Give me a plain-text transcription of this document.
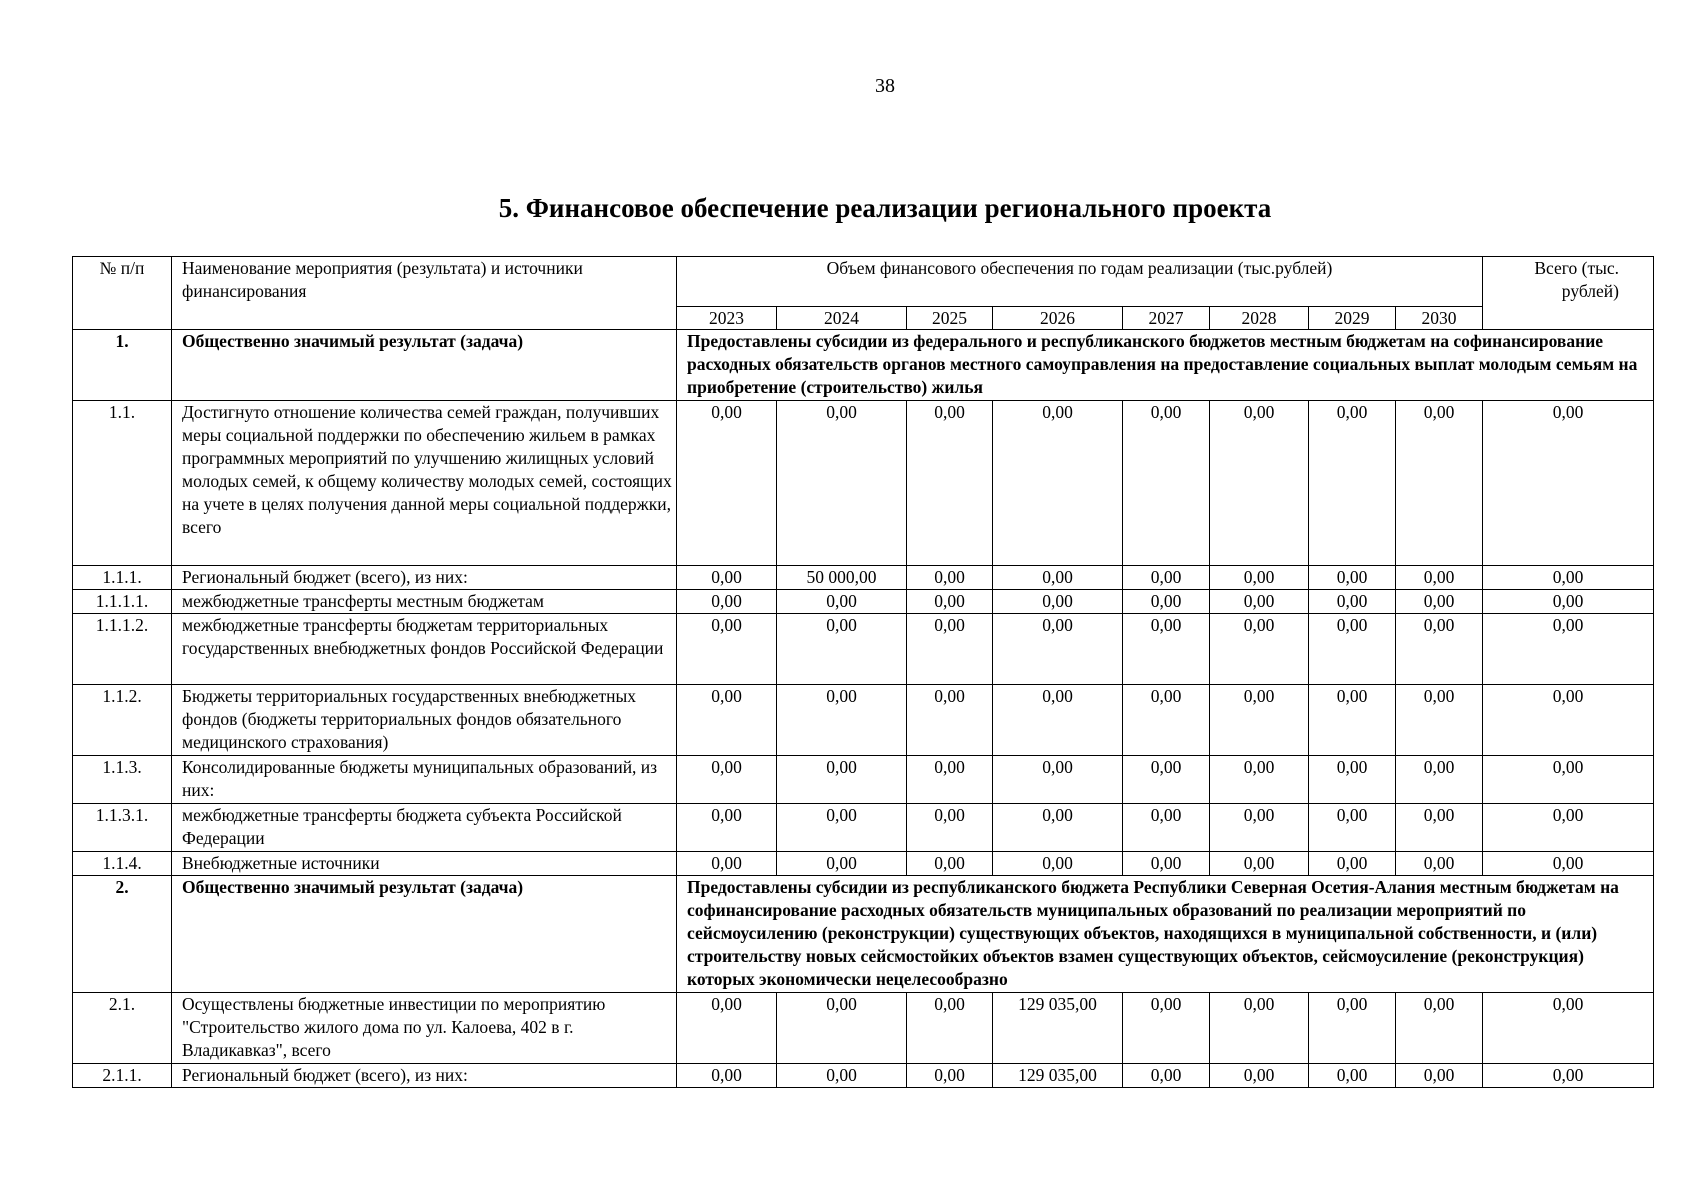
38
5. Финансовое обеспечение реализации регионального проекта
№ п/п	Наименование мероприятия (результата) и источники финансирования	Объем финансового обеспечения по годам реализации (тыс.рублей)								Всего (тыс. рублей)
		2023	2024	2025	2026	2027	2028	2029	2030	
1.	Общественно значимый результат (задача)	Предоставлены субсидии из федерального и республиканского бюджетов местным бюджетам на софинансирование расходных обязательств органов местного самоуправления на предоставление социальных выплат молодым семьям на приобретение (строительство) жилья								
1.1.	Достигнуто отношение количества семей граждан, получивших меры социальной поддержки по обеспечению жильем в рамках программных мероприятий по улучшению жилищных условий молодых семей, к общему количеству молодых семей, состоящих на учете в целях получения данной меры социальной поддержки, всего	0,00	0,00	0,00	0,00	0,00	0,00	0,00	0,00	0,00
1.1.1.	Региональный бюджет (всего), из них:	0,00	50 000,00	0,00	0,00	0,00	0,00	0,00	0,00	0,00
1.1.1.1.	межбюджетные трансферты местным бюджетам	0,00	0,00	0,00	0,00	0,00	0,00	0,00	0,00	0,00
1.1.1.2.	межбюджетные трансферты бюджетам территориальных государственных внебюджетных фондов Российской Федерации	0,00	0,00	0,00	0,00	0,00	0,00	0,00	0,00	0,00
1.1.2.	Бюджеты территориальных государственных внебюджетных фондов (бюджеты территориальных фондов обязательного медицинского страхования)	0,00	0,00	0,00	0,00	0,00	0,00	0,00	0,00	0,00
1.1.3.	Консолидированные бюджеты муниципальных образований, из них:	0,00	0,00	0,00	0,00	0,00	0,00	0,00	0,00	0,00
1.1.3.1.	межбюджетные трансферты бюджета субъекта Российской Федерации	0,00	0,00	0,00	0,00	0,00	0,00	0,00	0,00	0,00
1.1.4.	Внебюджетные источники	0,00	0,00	0,00	0,00	0,00	0,00	0,00	0,00	0,00
2.	Общественно значимый результат (задача)	Предоставлены субсидии из республиканского бюджета Республики Северная Осетия-Алания местным бюджетам на софинансирование расходных обязательств муниципальных образований по реализации мероприятий по сейсмоусилению (реконструкции) существующих объектов, находящихся в муниципальной собственности, и (или) строительству новых сейсмостойких объектов взамен существующих объектов, сейсмоусиление (реконструкция) которых экономически нецелесообразно								
2.1.	Осуществлены бюджетные инвестиции по мероприятию "Строительство жилого дома по ул. Калоева, 402 в г. Владикавказ", всего	0,00	0,00	0,00	129 035,00	0,00	0,00	0,00	0,00	0,00
2.1.1.	Региональный бюджет (всего), из них:	0,00	0,00	0,00	129 035,00	0,00	0,00	0,00	0,00	0,00
